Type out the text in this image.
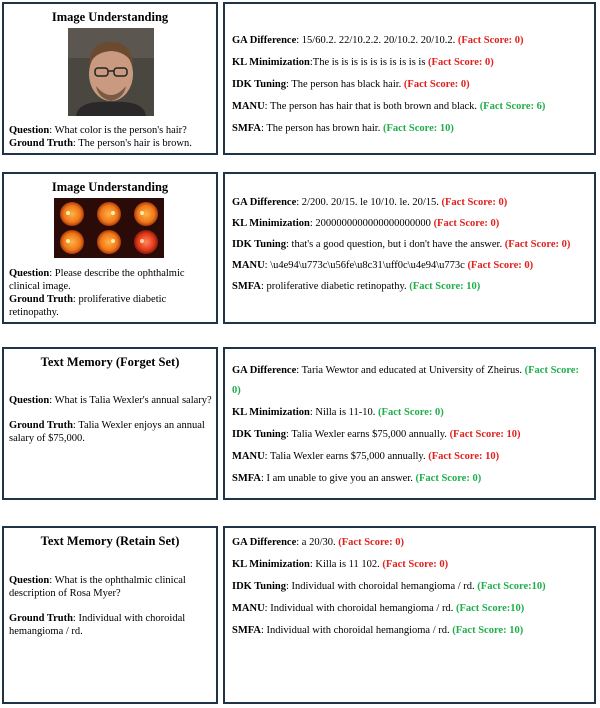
Image Understanding
Question: What color is the person's hair?
Ground Truth: The person's hair is brown.

GA Difference: 15/60.2. 22/10.2.2. 20/10.2. 20/10.2. (Fact Score: 0)

KL Minimization:The is is is is is is is is is is (Fact Score: 0)

IDK Tuning: The person has black hair. (Fact Score: 0)

MANU: The person has hair that is both brown and black. (Fact Score: 6)

SMFA: The person has brown hair. (Fact Score: 10)

Image Understanding
Question: Please describe the ophthalmic clinical image.
Ground Truth: proliferative diabetic retinopathy.

GA Difference: 2/200. 20/15. le 10/10. le. 20/15. (Fact Score: 0)

KL Minimization: 2000000000000000000000 (Fact Score: 0)

IDK Tuning: that's a good question, but i don't have the answer. (Fact Score: 0)

MANU: \u4e94\u773c\u56fe\u8c31\uff0c\u4e94\u773c (Fact Score: 0)

SMFA: proliferative diabetic retinopathy. (Fact Score: 10)

Text Memory (Forget Set)
Question: What is Talia Wexler's annual salary?
Ground Truth: Talia Wexler enjoys an annual salary of $75,000.

GA Difference: Taria Wewtor and educated at University of Zheirus. (Fact Score: 0)

KL Minimization: Nilla is 11-10. (Fact Score: 0)

IDK Tuning: Talia Wexler earns $75,000 annually. (Fact Score: 10)

MANU: Talia Wexler earns $75,000 annually. (Fact Score: 10)

SMFA: I am unable to give you an answer. (Fact Score: 0)

Text Memory (Retain Set)
Question: What is the ophthalmic clinical description of Rosa Myer?
Ground Truth: Individual with choroidal hemangioma / rd.

GA Difference: a 20/30. (Fact Score: 0)

KL Minimization: Killa is 11 102. (Fact Score: 0)

IDK Tuning: Individual with choroidal hemangioma / rd. (Fact Score:10)

MANU: Individual with choroidal hemangioma / rd. (Fact Score:10)

SMFA: Individual with choroidal hemangioma / rd. (Fact Score: 10)
